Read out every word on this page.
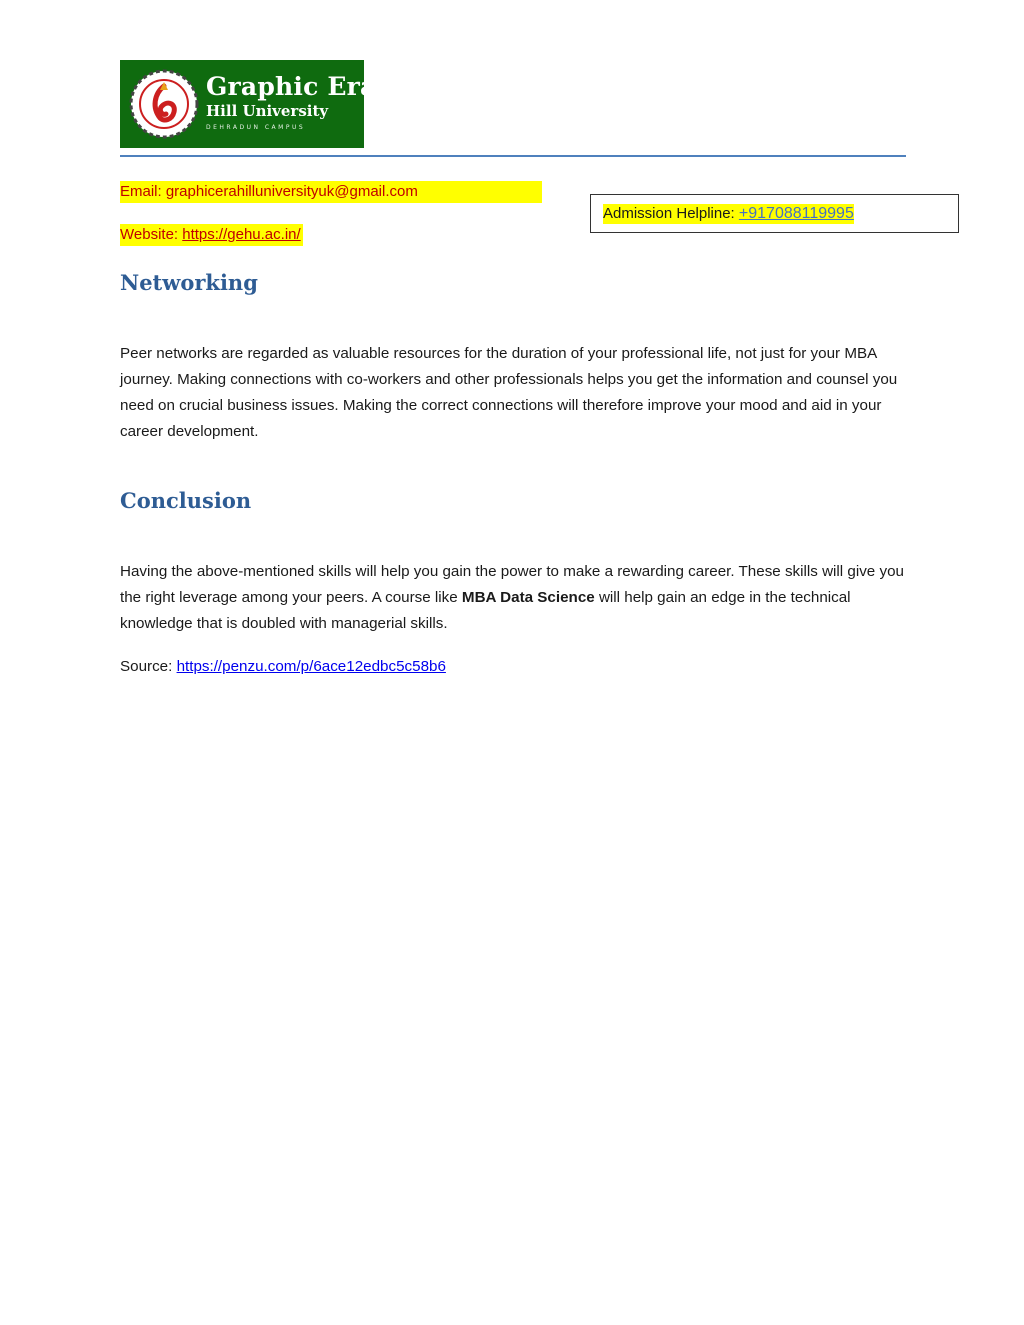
Graphic Era
Hill University
DEHRADUN CAMPUS
Email: graphicerahilluniversityuk@gmail.com
Website: https://gehu.ac.in/
Admission Helpline: +917088119995
Networking

Peer networks are regarded as valuable resources for the duration of your professional life, not just for your MBA journey. Making connections with co-workers and other professionals helps you get the information and counsel you need on crucial business issues. Making the correct connections will therefore improve your mood and aid in your career development.

Conclusion

Having the above-mentioned skills will help you gain the power to make a rewarding career. These skills will give you the right leverage among your peers. A course like MBA Data Science will help gain an edge in the technical knowledge that is doubled with managerial skills.

Source: https://penzu.com/p/6ace12edbc5c58b6
